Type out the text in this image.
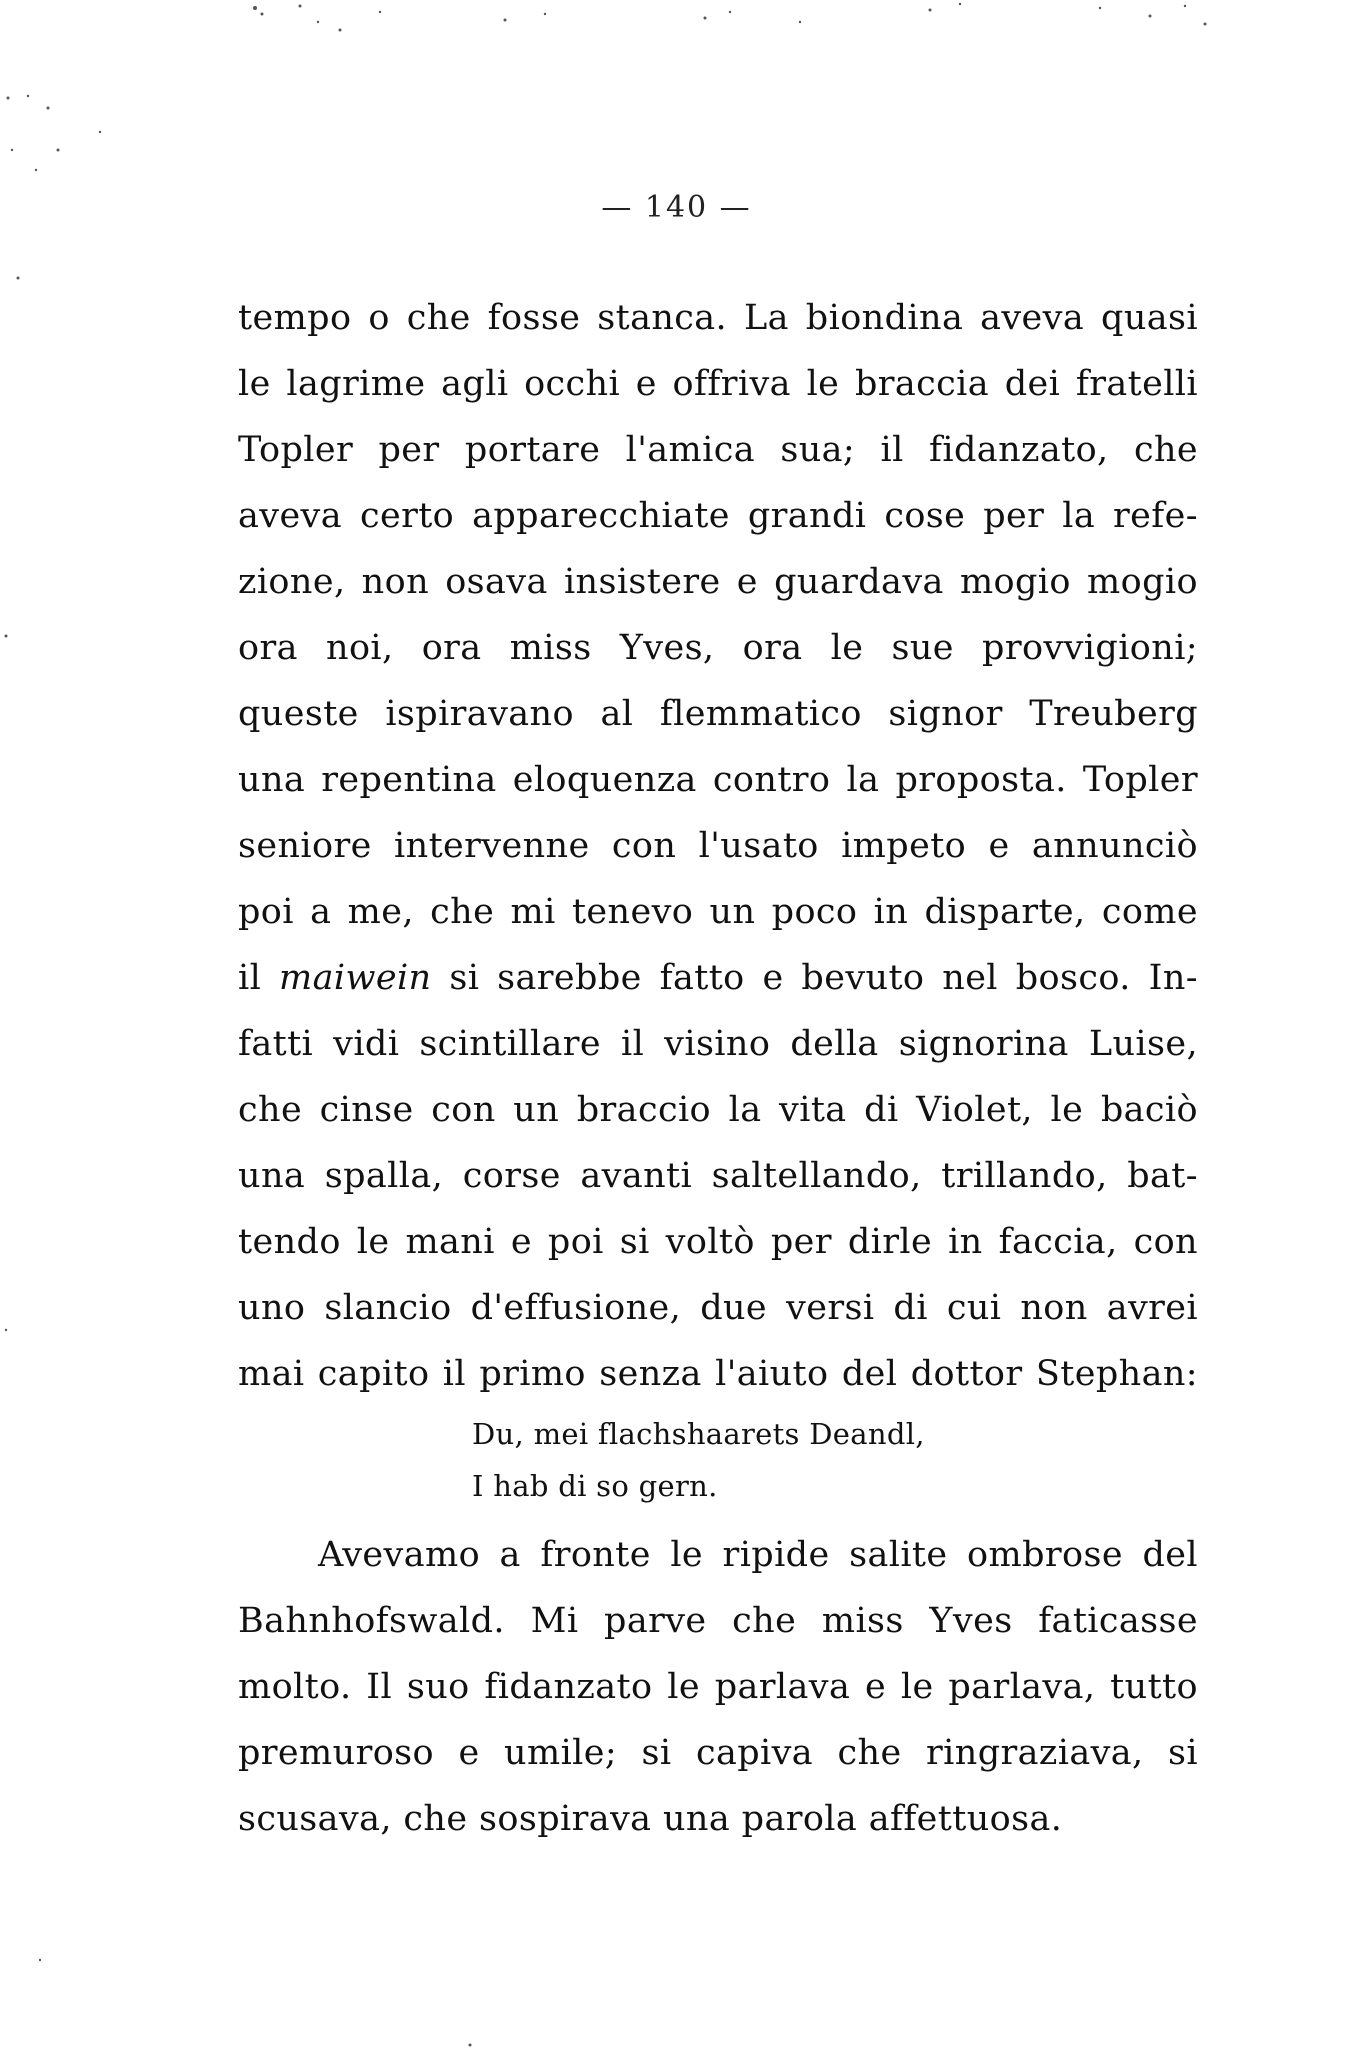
— 140 —
tempo o che fosse stanca. La biondina aveva quasi
le lagrime agli occhi e offriva le braccia dei fratelli
Topler per portare l'amica sua; il fidanzato, che
aveva certo apparecchiate grandi cose per la refe-
zione, non osava insistere e guardava mogio mogio
ora noi, ora miss Yves, ora le sue provvigioni;
queste ispiravano al flemmatico signor Treuberg
una repentina eloquenza contro la proposta. Topler
seniore intervenne con l'usato impeto e annunciò
poi a me, che mi tenevo un poco in disparte, come
il maiwein si sarebbe fatto e bevuto nel bosco. In-
fatti vidi scintillare il visino della signorina Luise,
che cinse con un braccio la vita di Violet, le baciò
una spalla, corse avanti saltellando, trillando, bat-
tendo le mani e poi si voltò per dirle in faccia, con
uno slancio d'effusione, due versi di cui non avrei
mai capito il primo senza l'aiuto del dottor Stephan:
Du, mei flachshaarets Deandl,
I hab di so gern.
Avevamo a fronte le ripide salite ombrose del
Bahnhofswald. Mi parve che miss Yves faticasse
molto. Il suo fidanzato le parlava e le parlava, tutto
premuroso e umile; si capiva che ringraziava, si
scusava, che sospirava una parola affettuosa.
